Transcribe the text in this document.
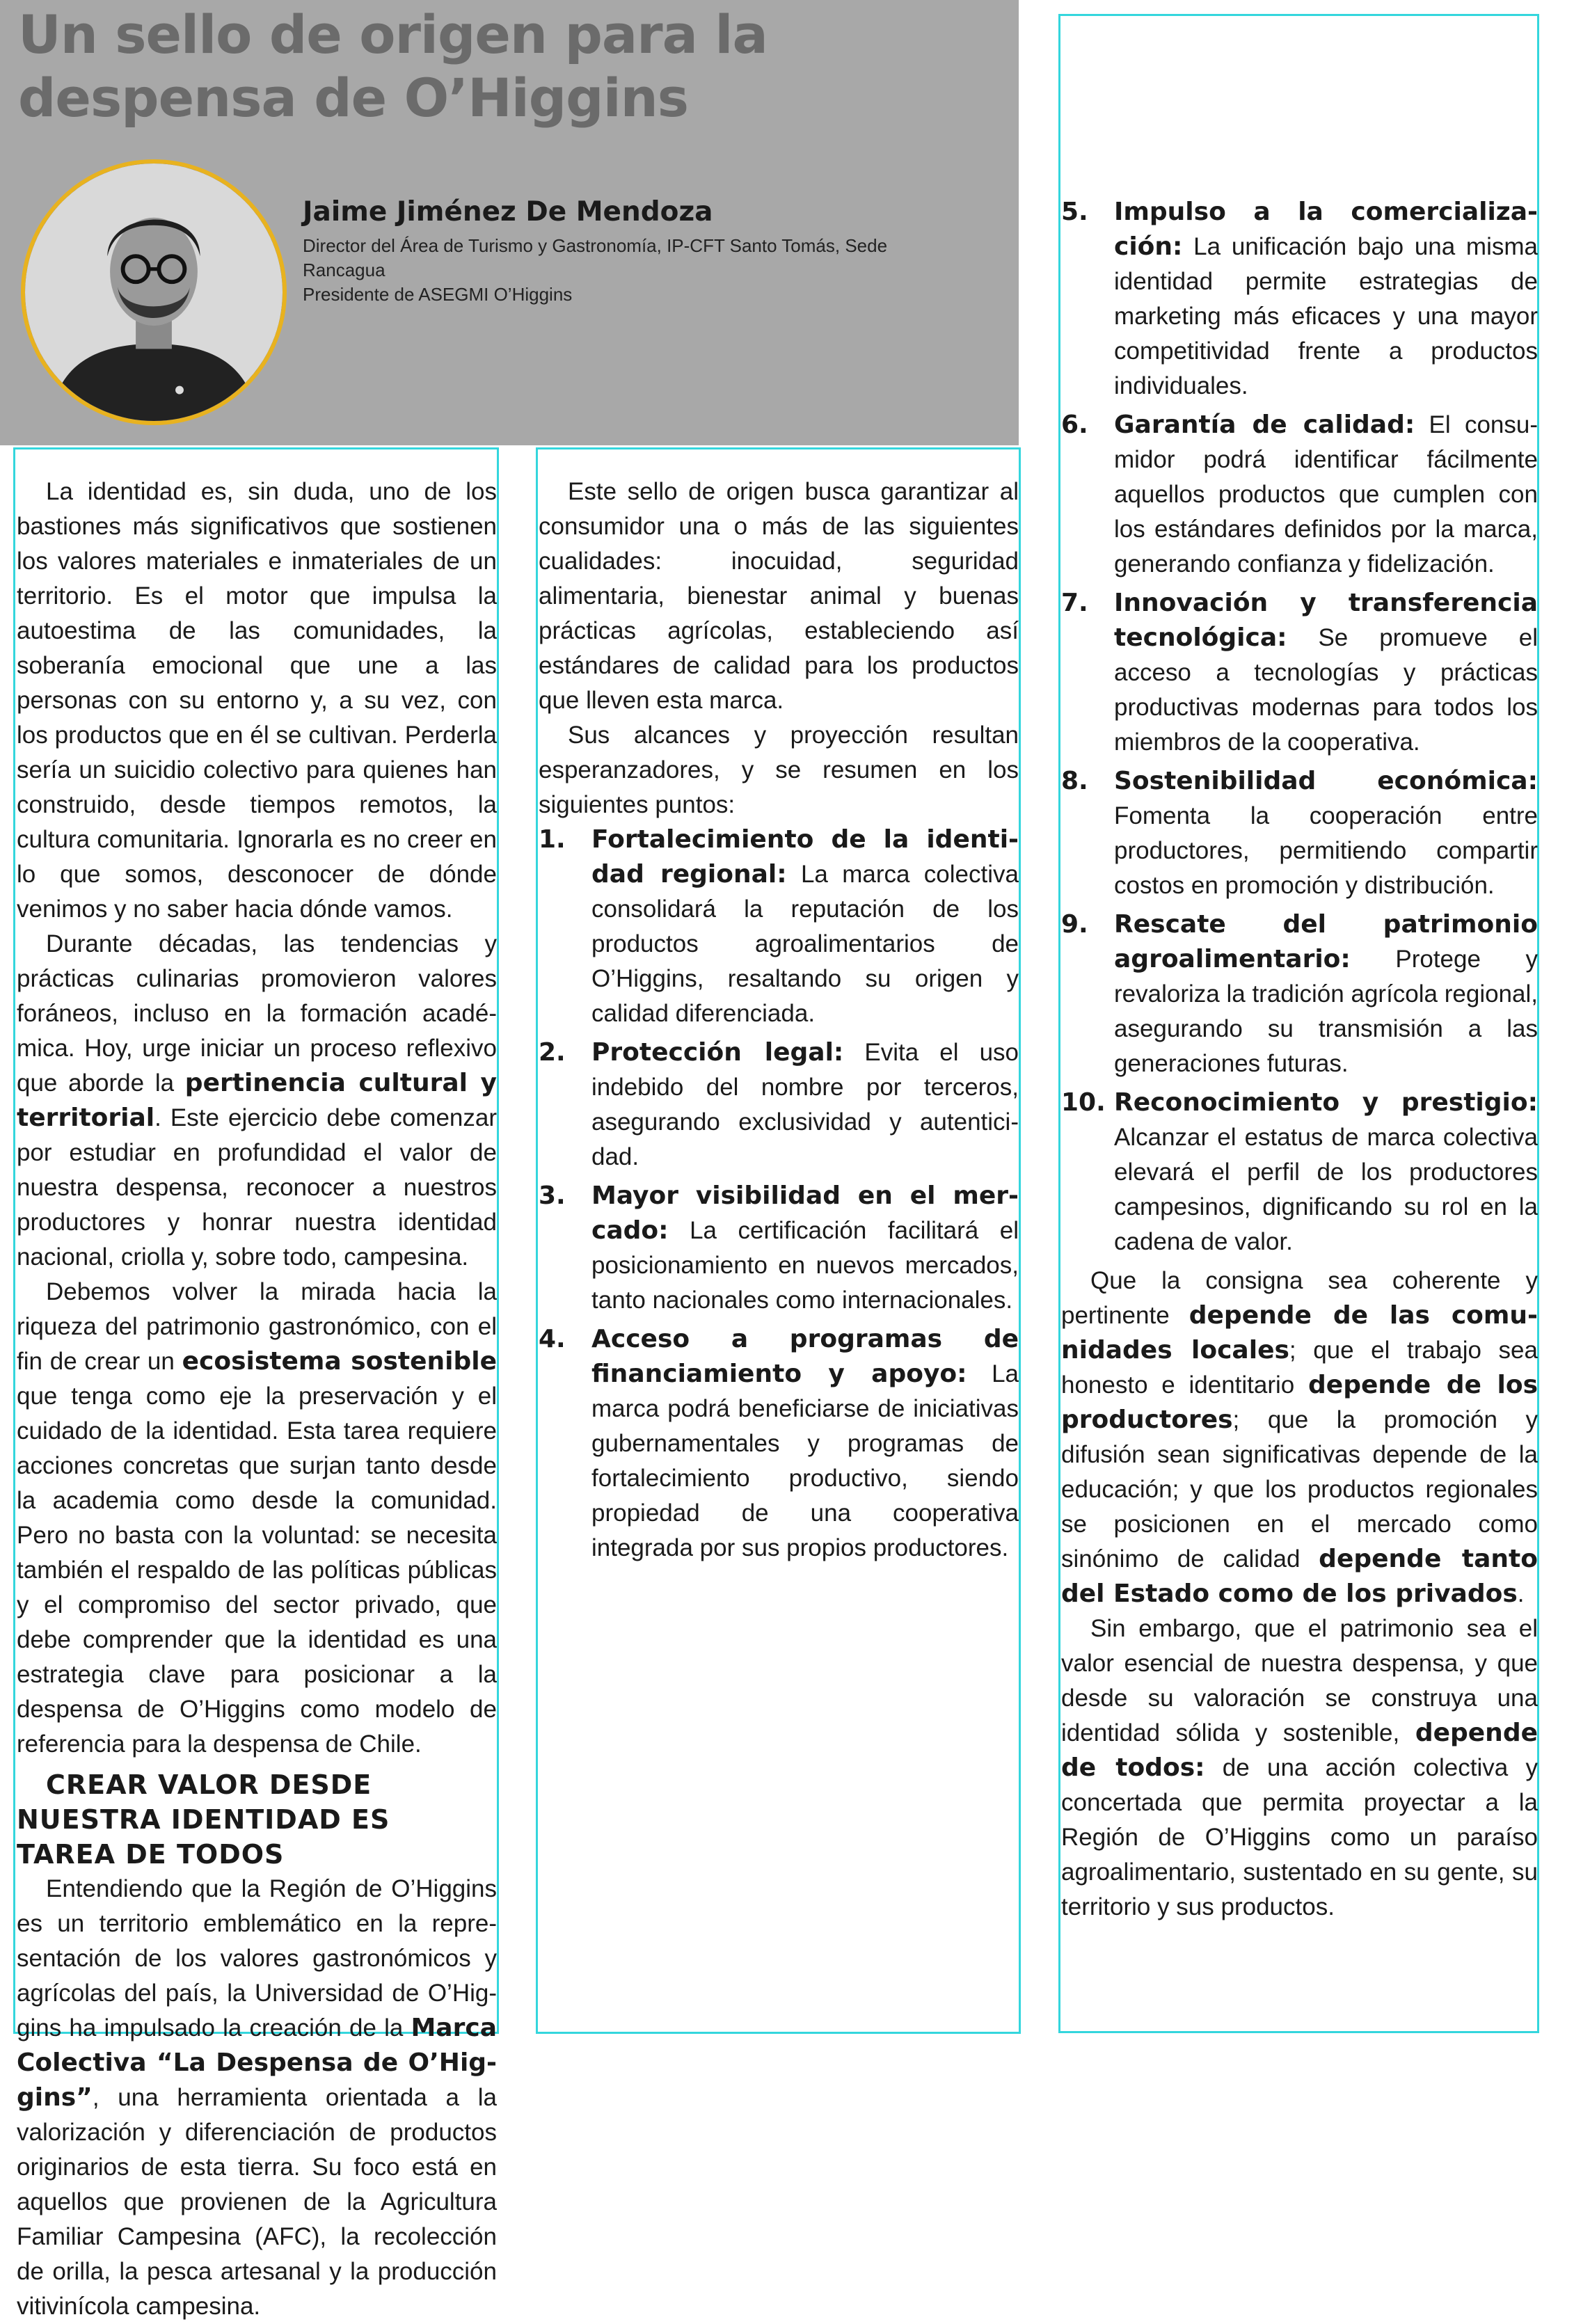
Un sello de origen para la despensa de O’Higgins

Jaime Jiménez De Mendoza

Director del Área de Turismo y Gastronomía, IP-CFT Santo Tomás, Sede Rancagua

Presidente de ASEGMI O’Higgins

La identidad es, sin duda, uno de los bastiones más significativos que sostienen los valores materiales e inmateriales de un territorio. Es el motor que impulsa la autoestima de las comunidades, la soberanía emocional que une a las personas con su entorno y, a su vez, con los productos que en él se cultivan. Perderla sería un suicidio colectivo para quienes han construido, desde tiempos remotos, la cultura comunitaria. Ignorarla es no creer en lo que somos, desconocer de dónde venimos y no saber hacia dónde vamos.

Durante décadas, las tendencias y prácticas culinarias promovieron valores foráneos, incluso en la formación académica. Hoy, urge iniciar un proceso reflexivo que aborde la pertinencia cultural y territorial. Este ejercicio debe comenzar por estudiar en profundidad el valor de nuestra despensa, reconocer a nuestros productores y honrar nuestra identidad nacional, criolla y, sobre todo, campesina.

Debemos volver la mirada hacia la riqueza del patrimonio gastronómico, con el fin de crear un ecosistema sostenible que tenga como eje la preservación y el cuidado de la identidad. Esta tarea requiere acciones concretas que surjan tanto desde la academia como desde la comunidad. Pero no basta con la voluntad: se necesita también el respaldo de las políticas públicas y el compromiso del sector privado, que debe comprender que la identidad es una estrategia clave para posicionar a la despensa de O’Higgins como modelo de referencia para la despensa de Chile.

CREAR VALOR DESDE NUESTRA IDENTIDAD ES TAREA DE TODOS

Entendiendo que la Región de O’Higgins es un territorio emblemático en la representación de los valores gastronómicos y agrícolas del país, la Universidad de O’Higgins ha impulsado la creación de la Marca Colectiva “La Despensa de O’Higgins”, una herramienta orientada a la valorización y diferenciación de productos originarios de esta tierra. Su foco está en aquellos que provienen de la Agricultura Familiar Campesina (AFC), la recolección de orilla, la pesca artesanal y la producción vitivinícola campesina.

Este sello de origen busca garantizar al consumidor una o más de las siguientes cualidades: inocuidad, seguridad alimentaria, bienestar animal y buenas prácticas agrícolas, estableciendo así estándares de calidad para los productos que lleven esta marca.

Sus alcances y proyección resultan esperanzadores, y se resumen en los siguientes puntos:

1. Fortalecimiento de la identidad regional: La marca colectiva consolidará la reputación de los productos agroalimentarios de O’Higgins, resaltando su origen y calidad diferenciada.
2. Protección legal: Evita el uso indebido del nombre por terceros, asegurando exclusividad y autenticidad.
3. Mayor visibilidad en el mercado: La certificación facilitará el posicionamiento en nuevos mercados, tanto nacionales como internacionales.
4. Acceso a programas de financiamiento y apoyo: La marca podrá beneficiarse de iniciativas gubernamentales y programas de fortalecimiento productivo, siendo propiedad de una cooperativa integrada por sus propios productores.
5. Impulso a la comercialización: La unificación bajo una misma identidad permite estrategias de marketing más eficaces y una mayor competitividad frente a productos individuales.
6. Garantía de calidad: El consumidor podrá identificar fácilmente aquellos productos que cumplen con los estándares definidos por la marca, generando confianza y fidelización.
7. Innovación y transferencia tecnológica: Se promueve el acceso a tecnologías y prácticas productivas modernas para todos los miembros de la cooperativa.
8. Sostenibilidad económica: Fomenta la cooperación entre productores, permitiendo compartir costos en promoción y distribución.
9. Rescate del patrimonio agroalimentario: Protege y revaloriza la tradición agrícola regional, asegurando su transmisión a las generaciones futuras.
10. Reconocimiento y prestigio: Alcanzar el estatus de marca colectiva elevará el perfil de los productores campesinos, dignificando su rol en la cadena de valor.

Que la consigna sea coherente y pertinente depende de las comunidades locales; que el trabajo sea honesto e identitario depende de los productores; que la promoción y difusión sean significativas depende de la educación; y que los productos regionales se posicionen en el mercado como sinónimo de calidad depende tanto del Estado como de los privados.

Sin embargo, que el patrimonio sea el valor esencial de nuestra despensa, y que desde su valoración se construya una identidad sólida y sostenible, depende de todos: de una acción colectiva y concertada que permita proyectar a la Región de O’Higgins como un paraíso agroalimentario, sustentado en su gente, su territorio y sus productos.
